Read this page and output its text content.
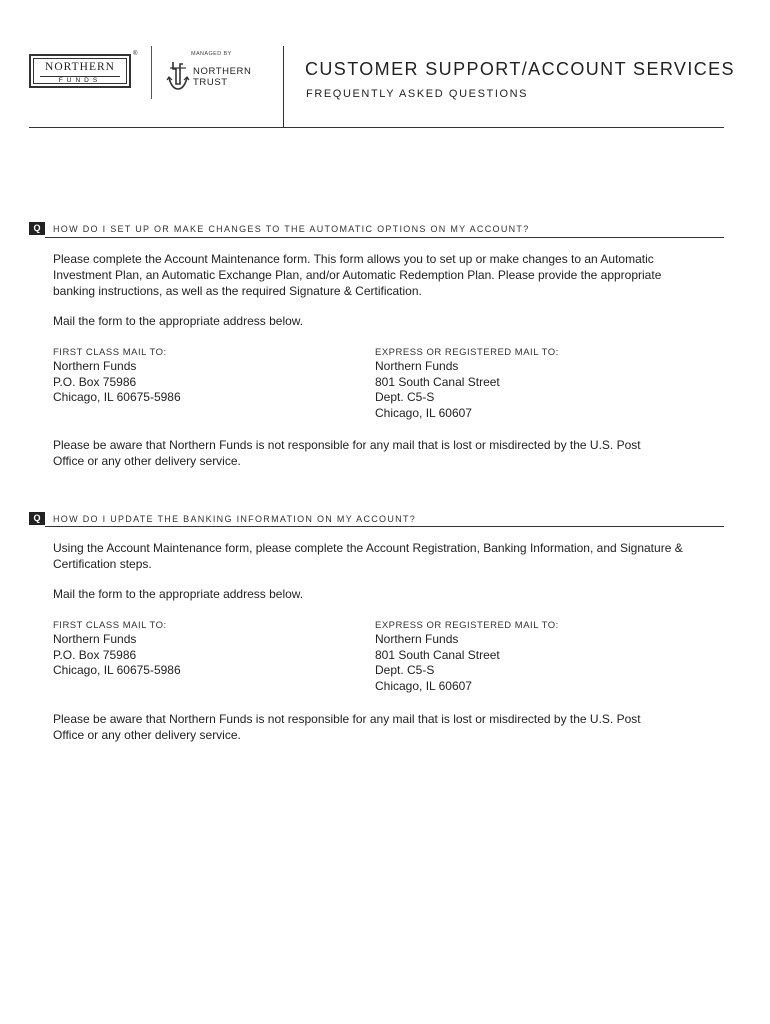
NORTHERN
FUNDS
®	MANAGED BY
NORTHERN
TRUST
CUSTOMER SUPPORT/ACCOUNT SERVICES
FREQUENTLY ASKED QUESTIONS
Q	HOW DO I SET UP OR MAKE CHANGES TO THE AUTOMATIC OPTIONS ON MY ACCOUNT?
Please complete the Account Maintenance form. This form allows you to set up or make changes to an Automatic
Investment Plan, an Automatic Exchange Plan, and/or Automatic Redemption Plan. Please provide the appropriate
banking instructions, as well as the required Signature & Certification.
Mail the form to the appropriate address below.
FIRST CLASS MAIL TO:
Northern Funds
P.O. Box 75986
Chicago, IL 60675-5986
EXPRESS OR REGISTERED MAIL TO:
Northern Funds
801 South Canal Street
Dept. C5-S
Chicago, IL 60607
Please be aware that Northern Funds is not responsible for any mail that is lost or misdirected by the U.S. Post
Office or any other delivery service.
Q	HOW DO I UPDATE THE BANKING INFORMATION ON MY ACCOUNT?
Using the Account Maintenance form, please complete the Account Registration, Banking Information, and Signature &
Certification steps.
Mail the form to the appropriate address below.
FIRST CLASS MAIL TO:
Northern Funds
P.O. Box 75986
Chicago, IL 60675-5986
EXPRESS OR REGISTERED MAIL TO:
Northern Funds
801 South Canal Street
Dept. C5-S
Chicago, IL 60607
Please be aware that Northern Funds is not responsible for any mail that is lost or misdirected by the U.S. Post
Office or any other delivery service.
